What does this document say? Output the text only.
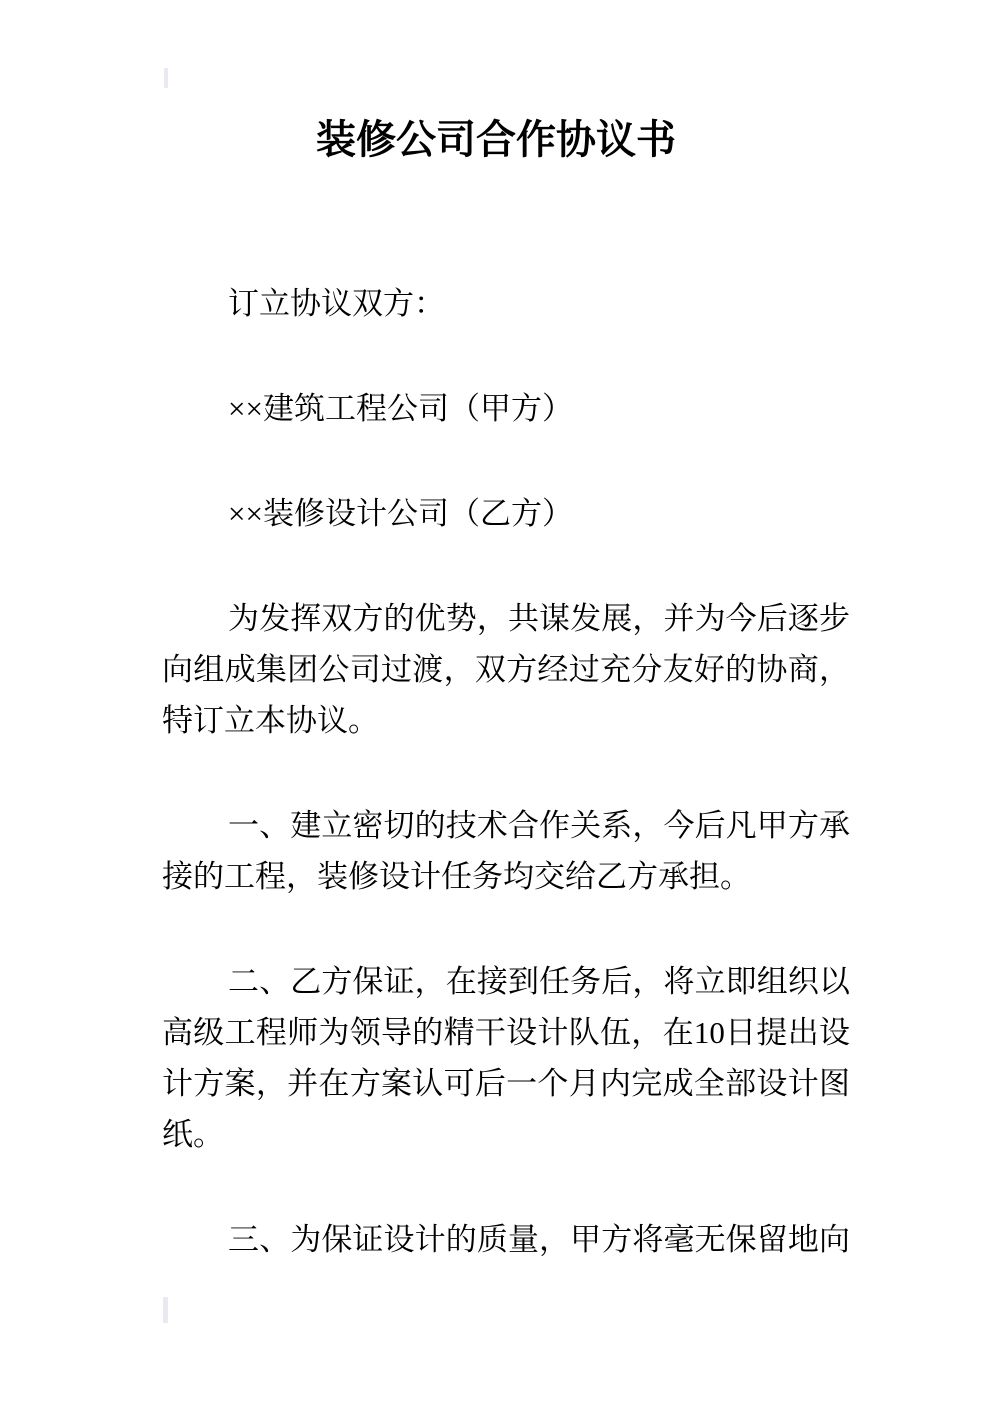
装修公司合作协议书
订立协议双方：
××建筑工程公司（甲方）
××装修设计公司（乙方）
为发挥双方的优势，共谋发展，并为今后逐步
向组成集团公司过渡，双方经过充分友好的协商，
特订立本协议。
一、建立密切的技术合作关系，今后凡甲方承
接的工程，装修设计任务均交给乙方承担。
二、乙方保证，在接到任务后，将立即组织以
高级工程师为领导的精干设计队伍，在10日提出设
计方案，并在方案认可后一个月内完成全部设计图
纸。
三、为保证设计的质量，甲方将毫无保留地向
